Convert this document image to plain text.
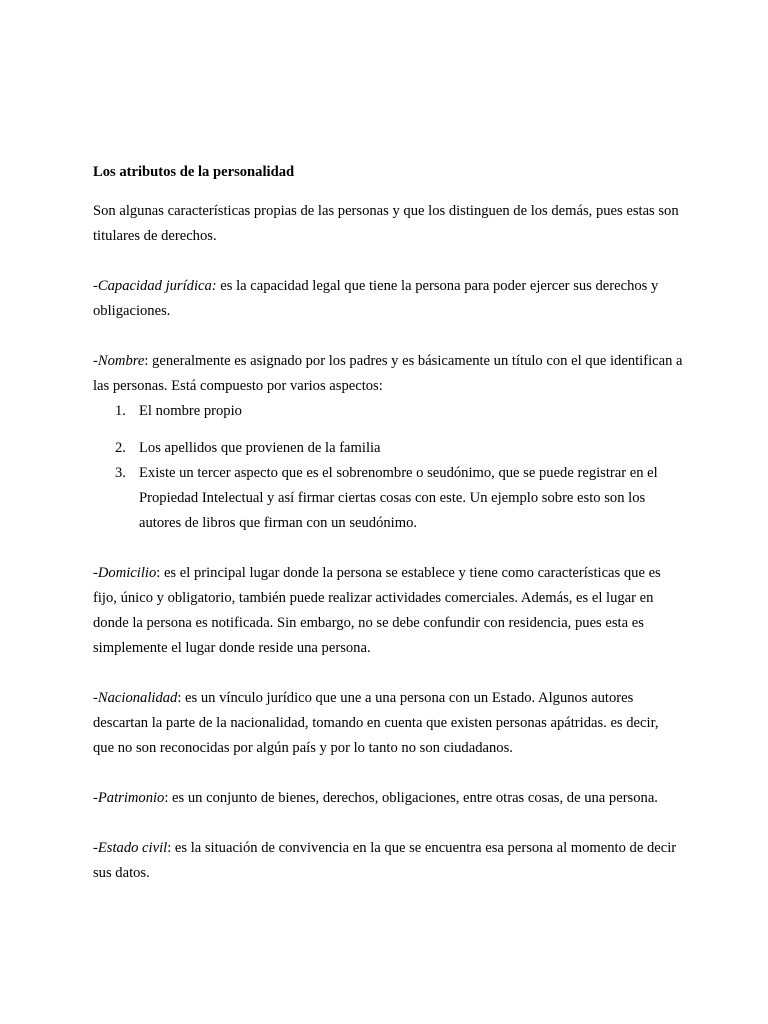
Los atributos de la personalidad

Son algunas características propias de las personas y que los distinguen de los demás, pues estas son titulares de derechos.

-Capacidad jurídica: es la capacidad legal que tiene la persona para poder ejercer sus derechos y obligaciones.

-Nombre: generalmente es asignado por los padres y es básicamente un título con el que identifican a las personas. Está compuesto por varios aspectos:

1. El nombre propio
2. Los apellidos que provienen de la familia
3. Existe un tercer aspecto que es el sobrenombre o seudónimo, que se puede registrar en el Propiedad Intelectual y así firmar ciertas cosas con este. Un ejemplo sobre esto son los autores de libros que firman con un seudónimo.

-Domicilio: es el principal lugar donde la persona se establece y tiene como características que es fijo, único y obligatorio, también puede realizar actividades comerciales. Además, es el lugar en donde la persona es notificada. Sin embargo, no se debe confundir con residencia, pues esta es simplemente el lugar donde reside una persona.

-Nacionalidad: es un vínculo jurídico que une a una persona con un Estado. Algunos autores descartan la parte de la nacionalidad, tomando en cuenta que existen personas apátridas. es decir, que no son reconocidas por algún país y por lo tanto no son ciudadanos.

-Patrimonio: es un conjunto de bienes, derechos, obligaciones, entre otras cosas, de una persona.

-Estado civil: es la situación de convivencia en la que se encuentra esa persona al momento de decir sus datos.
